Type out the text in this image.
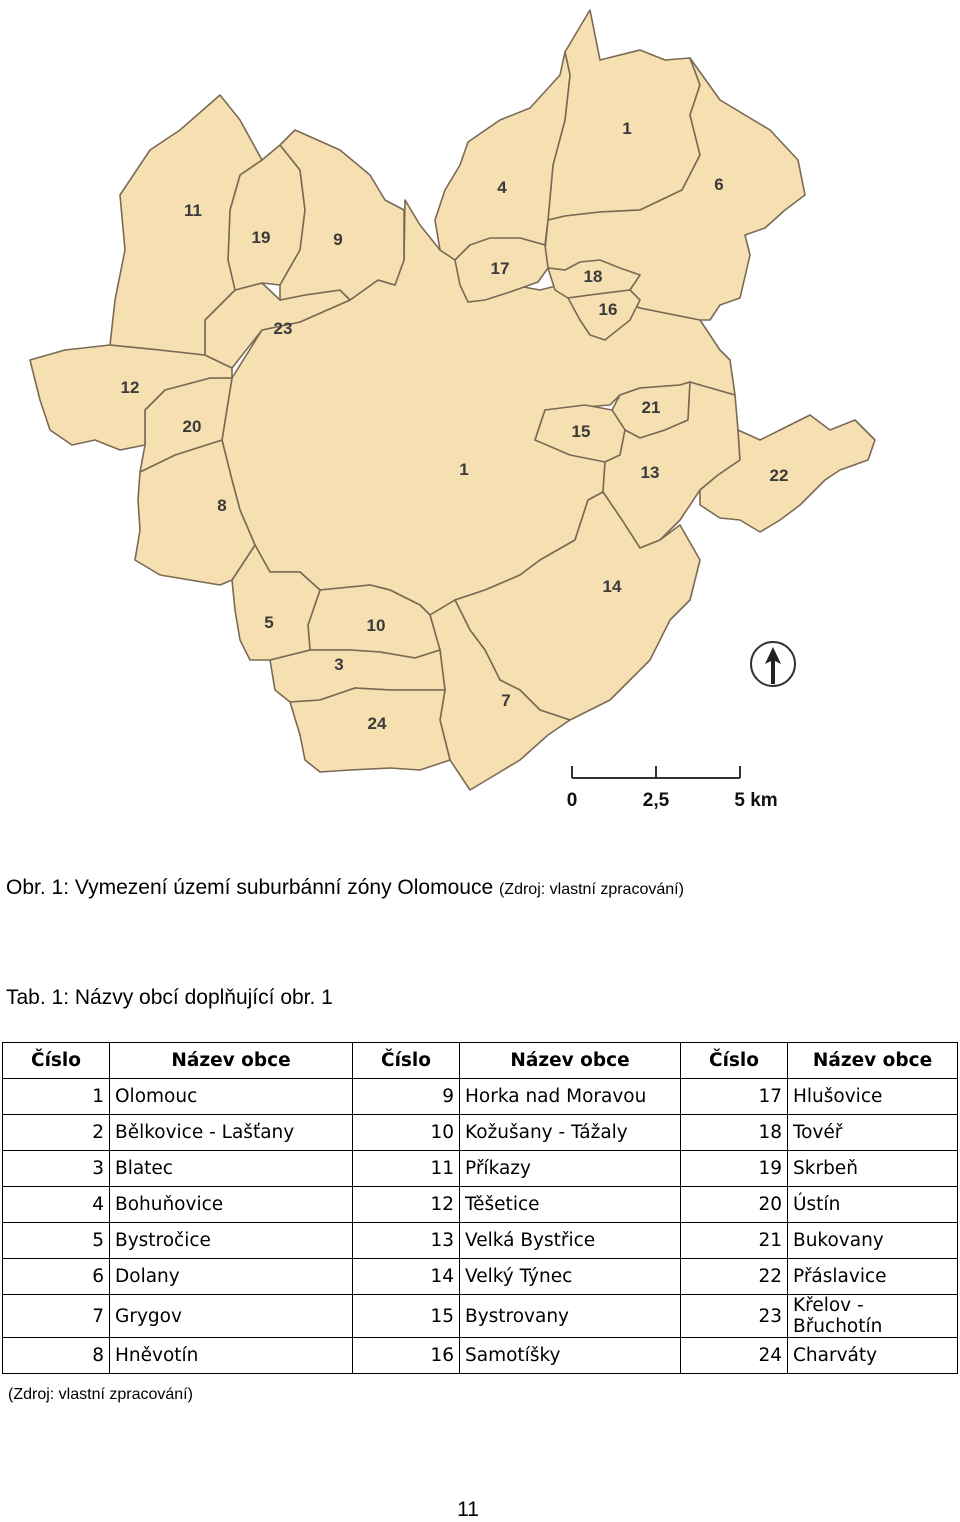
1
1
4	6
17	18
16
11
19	9
23
12
20
8
21
15
13	22
14
5	10
3
24
7
0	2,5	5 km
Obr. 1: Vymezení území suburbánní zóny Olomouce (Zdroj: vlastní zpracování)
Tab. 1: Názvy obcí doplňující obr. 1
Číslo	Název obce	Číslo	Název obce	Číslo	Název obce
1	Olomouc	9	Horka nad Moravou	17	Hlušovice
2	Bělkovice - Lašťany	10	Kožušany - Tážaly	18	Tovéř
3	Blatec	11	Příkazy	19	Skrbeň
4	Bohuňovice	12	Těšetice	20	Ústín
5	Bystročice	13	Velká Bystřice	21	Bukovany
6	Dolany	14	Velký Týnec	22	Přáslavice
7	Grygov	15	Bystrovany	23	Křelov - Břuchotín
8	Hněvotín	16	Samotíšky	24	Charváty
(Zdroj: vlastní zpracování)
11
